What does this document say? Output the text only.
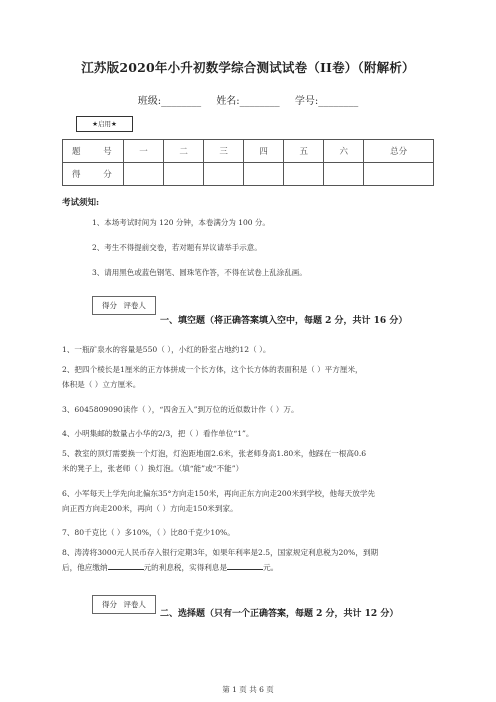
江苏版2020年小升初数学综合测试试卷（II卷）（附解析）
班级:________ 姓名:________ 学号:________
★启用★
题 号	一	二	三	四	五	六	总分
得 分							
考试须知:
1、本场考试时间为 120 分钟，本卷满分为 100 分。
2、考生不得提前交卷，若对题有异议请举手示意。
3、请用黑色或蓝色钢笔、圆珠笔作答，不得在试卷上乱涂乱画。
得分 评卷人
一、填空题（将正确答案填入空中，每题 2 分，共计 16 分）
1、一瓶矿泉水的容量是550（ ），小红的卧室占地约12（ ）。
2、把四个棱长是1厘米的正方体拼成一个长方体，这个长方体的表面积是（ ）平方厘米，
体积是（ ）立方厘米。
3、6045809090读作（ ），“四舍五入”到万位的近似数计作（ ）万。
4、小明集邮的数量占小华的2/3，把（ ）看作单位“1”。
5、教室的顶灯需要换一个灯泡，灯泡距地面2.6米，张老师身高1.80米，他踩在一根高0.6
米的凳子上，张老师（ ）换灯泡。（填“能”或“不能”）
6、小军每天上学先向北偏东35°方向走150米，再向正东方向走200米到学校，他每天放学先
向正西方向走200米，再向（ ）方向走150米到家。
7、80千克比（ ）多10%，（ ）比80千克少10%。
8、涛涛将3000元人民币存入银行定期3年，如果年利率是2.5，国家规定利息税为20%，到期
后，他应缴纳	元的利息税，实得利息是	元。
得分 评卷人
二、选择题（只有一个正确答案，每题 2 分，共计 12 分）
第 1 页 共 6 页
